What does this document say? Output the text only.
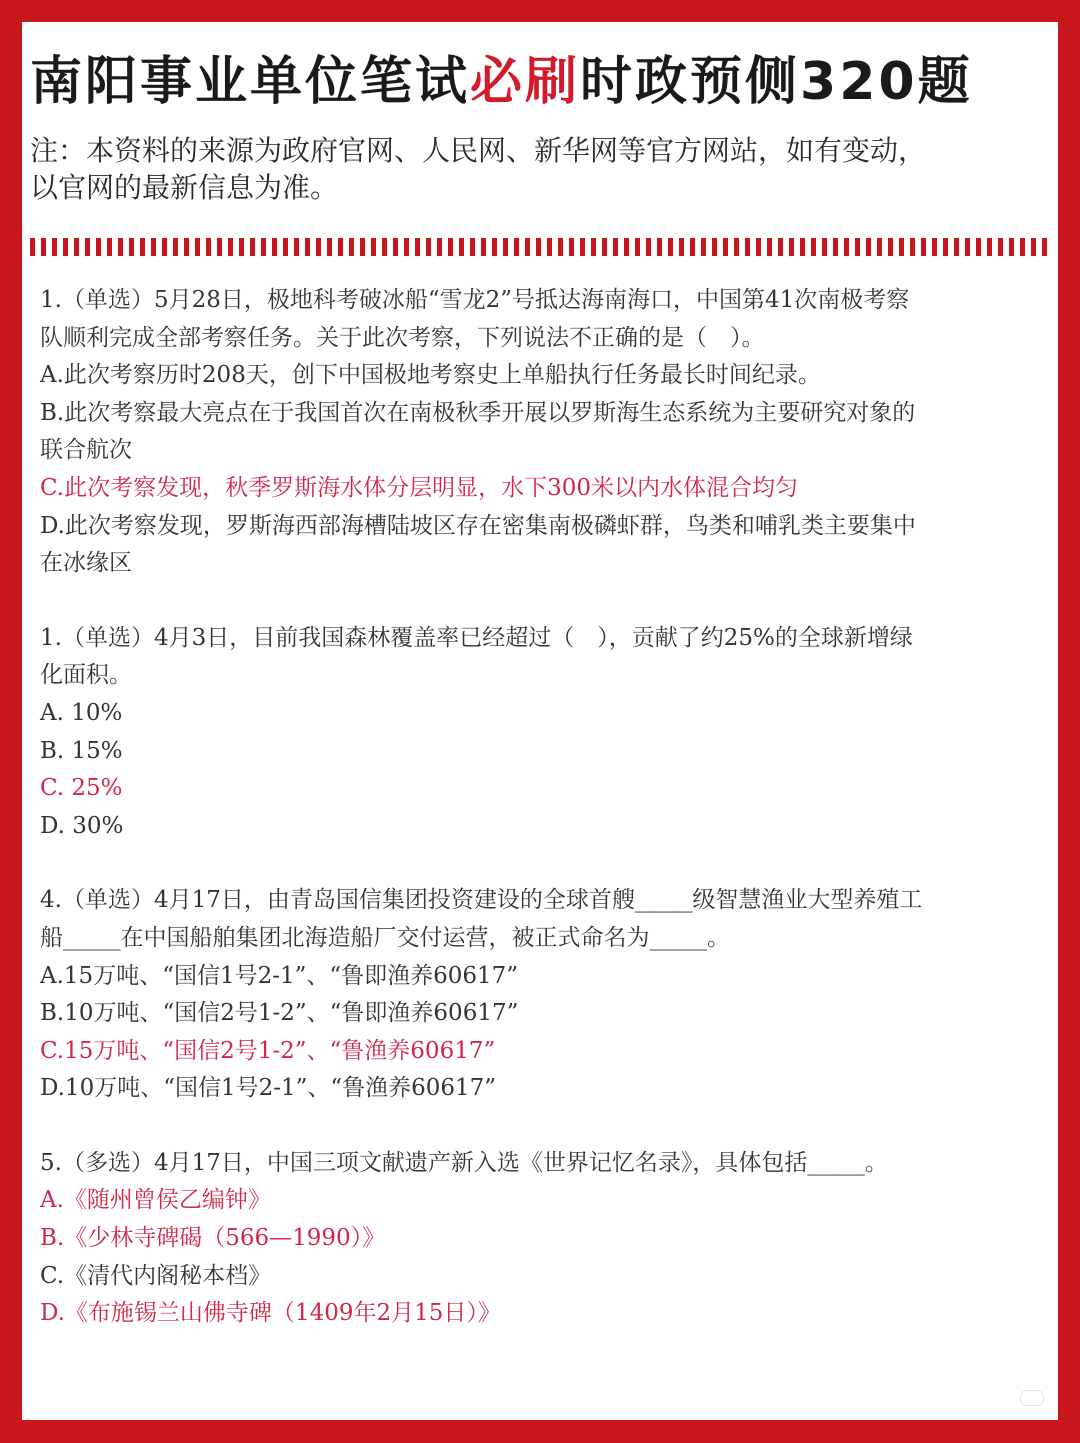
南阳事业单位笔试必刷时政预侧320题
注：本资料的来源为政府官网、人民网、新华网等官方网站，如有变动，
以官网的最新信息为准。

1.（单选）5月28日，极地科考破冰船“雪龙2”号抵达海南海口，中国第41次南极考察

队顺利完成全部考察任务。关于此次考察，下列说法不正确的是（　）。

A.此次考察历时208天，创下中国极地考察史上单船执行任务最长时间纪录。

B.此次考察最大亮点在于我国首次在南极秋季开展以罗斯海生态系统为主要研究对象的

联合航次

C.此次考察发现，秋季罗斯海水体分层明显，水下300米以内水体混合均匀

D.此次考察发现，罗斯海西部海槽陆坡区存在密集南极磷虾群，鸟类和哺乳类主要集中

在冰缘区

1.（单选）4月3日，目前我国森林覆盖率已经超过（　），贡献了约25%的全球新增绿

化面积。

A. 10%

B. 15%

C. 25%

D. 30%

4.（单选）4月17日，由青岛国信集团投资建设的全球首艘_____级智慧渔业大型养殖工

船_____在中国船舶集团北海造船厂交付运营，被正式命名为_____。

A.15万吨、“国信1号2-1”、“鲁即渔养60617”

B.10万吨、“国信2号1-2”、“鲁即渔养60617”

C.15万吨、“国信2号1-2”、“鲁渔养60617”

D.10万吨、“国信1号2-1”、“鲁渔养60617”

5.（多选）4月17日，中国三项文献遗产新入选《世界记忆名录》，具体包括_____。

A.《随州曾侯乙编钟》

B.《少林寺碑碣（566—1990）》

C.《清代内阁秘本档》

D.《布施锡兰山佛寺碑（1409年2月15日）》
